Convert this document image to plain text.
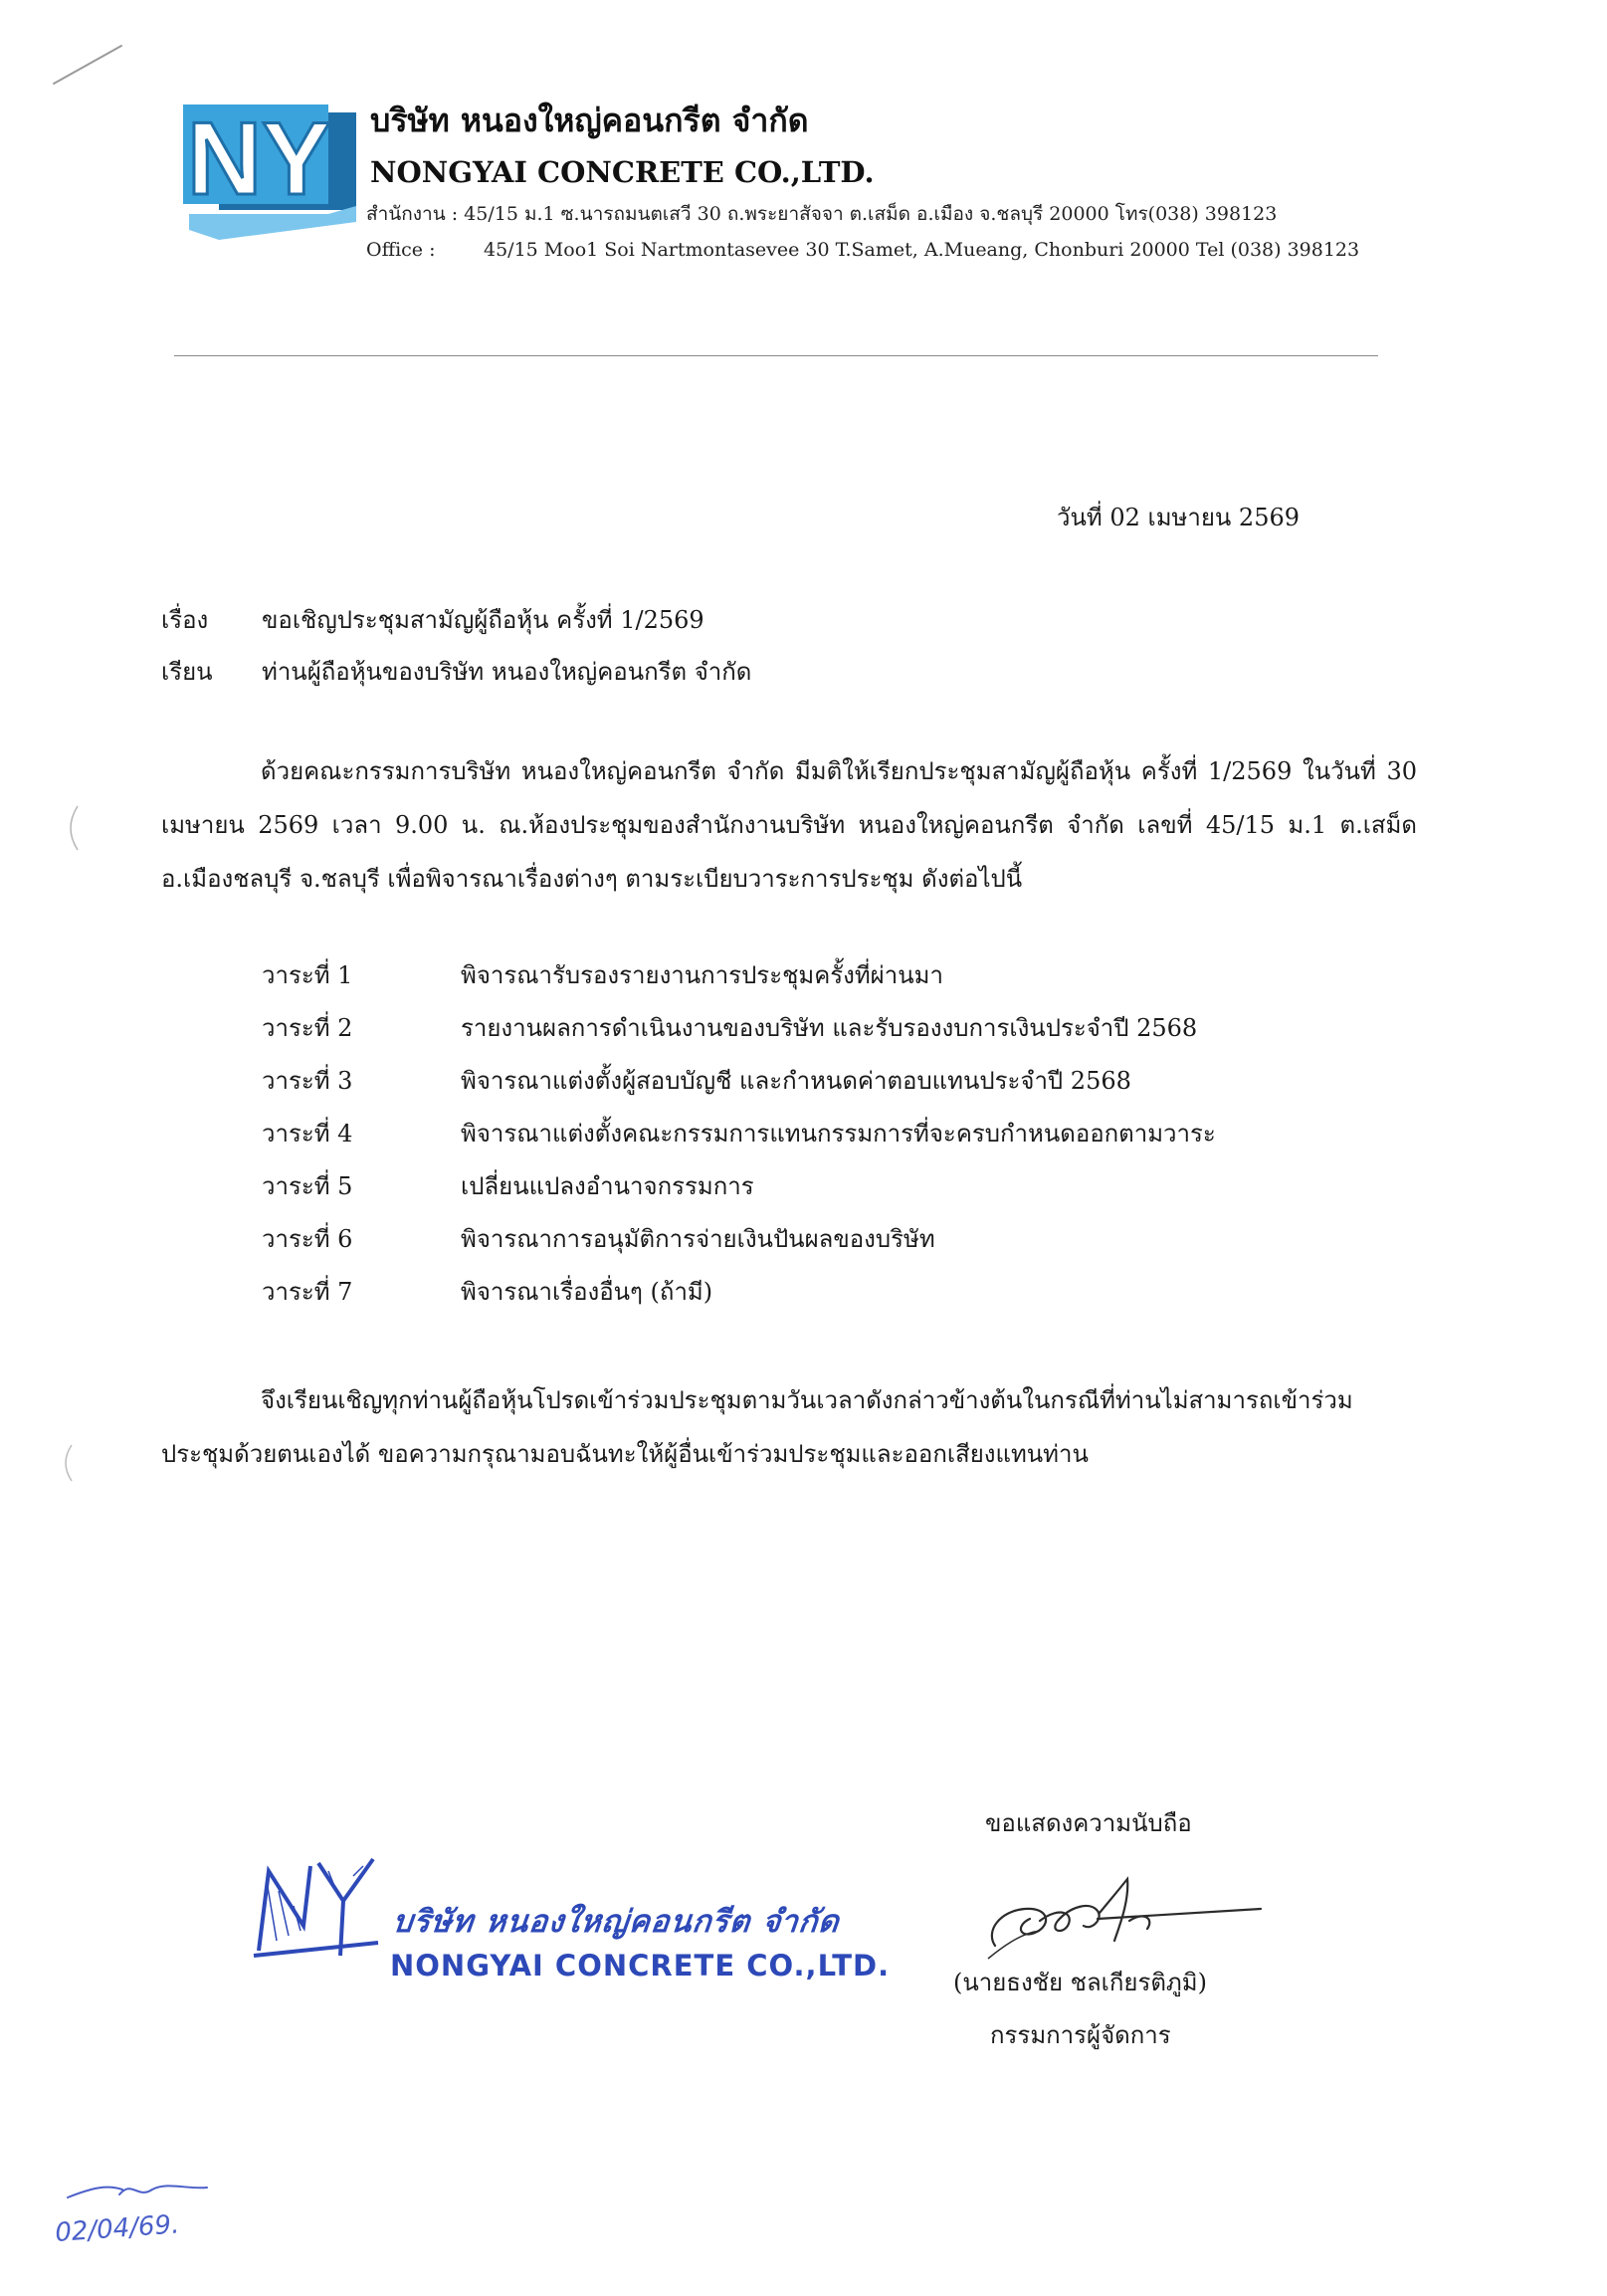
NY บริษัท หนองใหญ่คอนกรีต จำกัด
NONGYAI CONCRETE CO.,LTD.
สำนักงาน : 45/15 ม.1 ซ.นารถมนตเสวี 30 ถ.พระยาสัจจา ต.เสม็ด อ.เมือง จ.ชลบุรี 20000 โทร(038) 398123
Office :	45/15 Moo1 Soi Nartmontasevee 30 T.Samet, A.Mueang, Chonburi 20000 Tel (038) 398123
วันที่ 02 เมษายน 2569
เรื่อง ขอเชิญประชุมสามัญผู้ถือหุ้น ครั้งที่ 1/2569
เรียน ท่านผู้ถือหุ้นของบริษัท หนองใหญ่คอนกรีต จำกัด

ด้วยคณะกรรมการบริษัท หนองใหญ่คอนกรีต จำกัด มีมติให้เรียกประชุมสามัญผู้ถือหุ้น ครั้งที่ 1/2569 ในวันที่ 30 เมษายน 2569 เวลา 9.00 น. ณ.ห้องประชุมของสำนักงานบริษัท หนองใหญ่คอนกรีต จำกัด เลขที่ 45/15 ม.1 ต.เสม็ด อ.เมืองชลบุรี จ.ชลบุรี เพื่อพิจารณาเรื่องต่างๆ ตามระเบียบวาระการประชุม ดังต่อไปนี้

วาระที่ 1	พิจารณารับรองรายงานการประชุมครั้งที่ผ่านมา
วาระที่ 2	รายงานผลการดำเนินงานของบริษัท และรับรองงบการเงินประจำปี 2568
วาระที่ 3	พิจารณาแต่งตั้งผู้สอบบัญชี และกำหนดค่าตอบแทนประจำปี 2568
วาระที่ 4	พิจารณาแต่งตั้งคณะกรรมการแทนกรรมการที่จะครบกำหนดออกตามวาระ
วาระที่ 5	เปลี่ยนแปลงอำนาจกรรมการ
วาระที่ 6	พิจารณาการอนุมัติการจ่ายเงินปันผลของบริษัท
วาระที่ 7	พิจารณาเรื่องอื่นๆ (ถ้ามี)

จึงเรียนเชิญทุกท่านผู้ถือหุ้นโปรดเข้าร่วมประชุมตามวันเวลาดังกล่าวข้างต้นในกรณีที่ท่านไม่สามารถเข้าร่วมประชุมด้วยตนเองได้ ขอความกรุณามอบฉันทะให้ผู้อื่นเข้าร่วมประชุมและออกเสียงแทนท่าน

ขอแสดงความนับถือ
(นายธงชัย ชลเกียรติภูมิ)
กรรมการผู้จัดการ
บริษัท หนองใหญ่คอนกรีต จำกัด
NONGYAI CONCRETE CO.,LTD.
02/04/69.
